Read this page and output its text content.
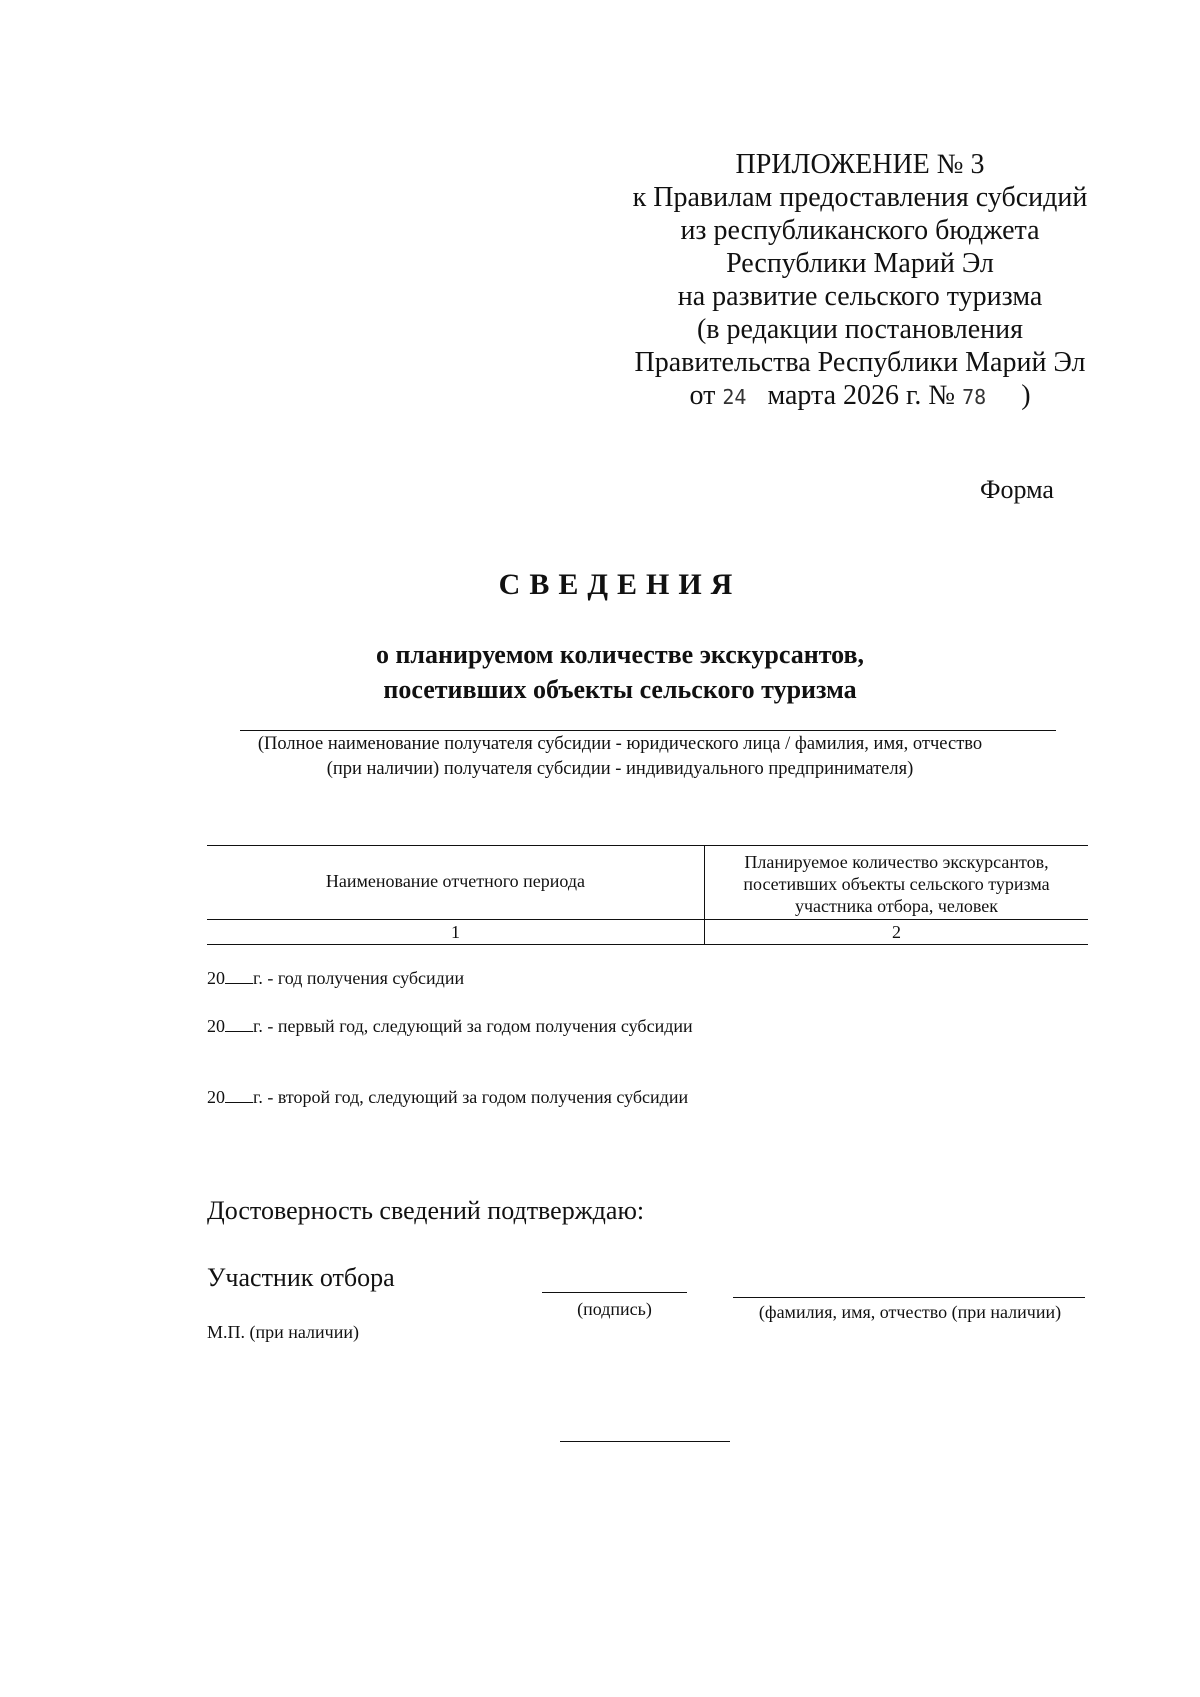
ПРИЛОЖЕНИЕ № 3
к Правилам предоставления субсидий
из республиканского бюджета
Республики Марий Эл
на развитие сельского туризма
(в редакции постановления
Правительства Республики Марий Эл
от 24 марта 2026 г. № 78 )
Форма
СВЕДЕНИЯ
о планируемом количестве экскурсантов,
посетивших объекты сельского туризма
(Полное наименование получателя субсидии - юридического лица / фамилия, имя, отчество
(при наличии) получателя субсидии - индивидуального предпринимателя)
Наименование отчетного периода
Планируемое количество экскурсантов,
посетивших объекты сельского туризма
участника отбора, человек
1	2
20 г. - год получения субсидии
20 г. - первый год, следующий за годом получения субсидии
20 г. - второй год, следующий за годом получения субсидии
Достоверность сведений подтверждаю:
Участник отбора
(подпись)	(фамилия, имя, отчество (при наличии)
М.П. (при наличии)
